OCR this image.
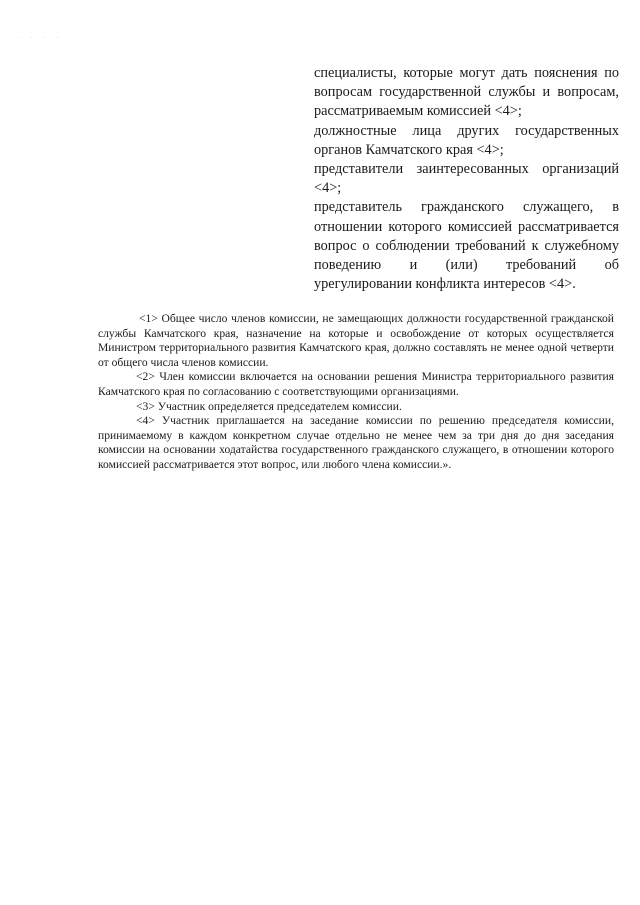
. . . .

специалисты, которые могут дать пояснения по вопросам государственной службы и вопросам, рассматриваемым комиссией <4>;

должностные лица других государственных органов Камчатского края <4>;

представители заинтересованных организаций <4>;

представитель гражданского служащего, в отношении которого комиссией рассматривается вопрос о соблюдении требований к служебному поведению и (или) требований об урегулировании конфликта интересов <4>.

<1> Общее число членов комиссии, не замещающих должности государственной гражданской службы Камчатского края, назначение на которые и освобождение от которых осуществляется Министром территориального развития Камчатского края, должно составлять не менее одной четверти от общего числа членов комиссии.

<2> Член комиссии включается на основании решения Министра территориального развития Камчатского края по согласованию с соответствующими организациями.

<3> Участник определяется председателем комиссии.

<4> Участник приглашается на заседание комиссии по решению председателя комиссии, принимаемому в каждом конкретном случае отдельно не менее чем за три дня до дня заседания комиссии на основании ходатайства государственного гражданского служащего, в отношении которого комиссией рассматривается этот вопрос, или любого члена комиссии.».
